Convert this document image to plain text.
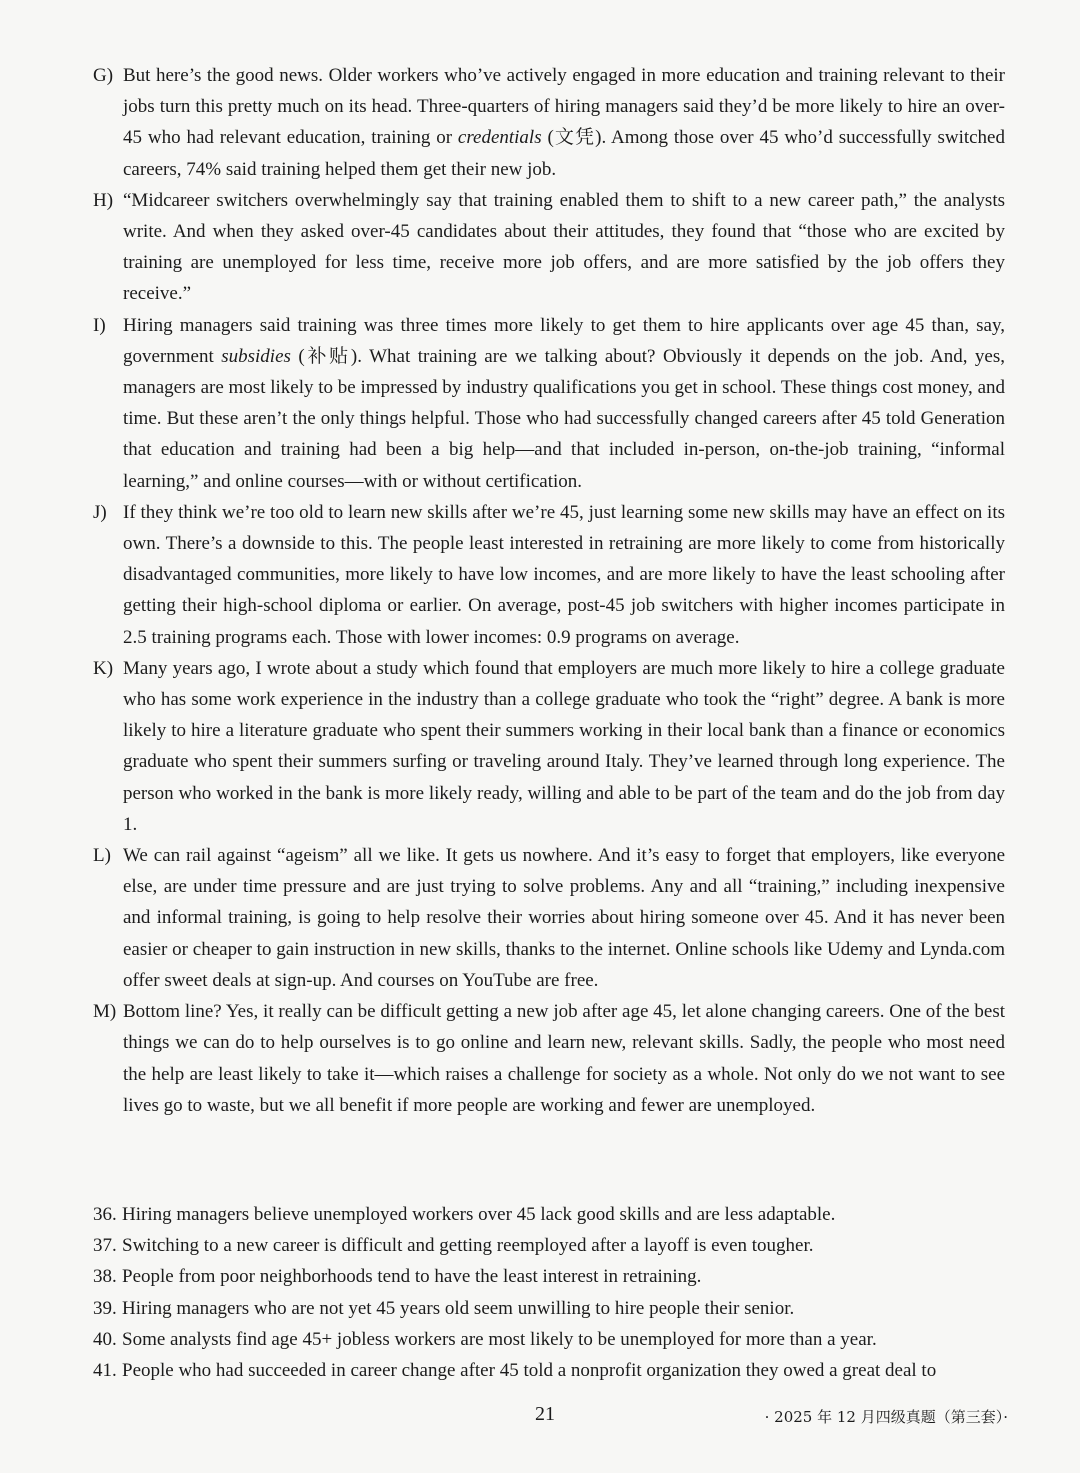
G) But here’s the good news. Older workers who’ve actively engaged in more education and training relevant to their jobs turn this pretty much on its head. Three-quarters of hiring managers said they’d be more likely to hire an over-45 who had relevant education, training or credentials (文凭). Among those over 45 who’d successfully switched careers, 74% said training helped them get their new job.
H) “Midcareer switchers overwhelmingly say that training enabled them to shift to a new career path,” the analysts write. And when they asked over-45 candidates about their attitudes, they found that “those who are excited by training are unemployed for less time, receive more job offers, and are more satisfied by the job offers they receive.”
I) Hiring managers said training was three times more likely to get them to hire applicants over age 45 than, say, government subsidies (补贴). What training are we talking about? Obviously it depends on the job. And, yes, managers are most likely to be impressed by industry qualifications you get in school. These things cost money, and time. But these aren’t the only things helpful. Those who had successfully changed careers after 45 told Generation that education and training had been a big help—and that included in-person, on-the-job training, “informal learning,” and online courses—with or without certification.
J) If they think we’re too old to learn new skills after we’re 45, just learning some new skills may have an effect on its own. There’s a downside to this. The people least interested in retraining are more likely to come from historically disadvantaged communities, more likely to have low incomes, and are more likely to have the least schooling after getting their high-school diploma or earlier. On average, post-45 job switchers with higher incomes participate in 2.5 training programs each. Those with lower incomes: 0.9 programs on average.
K) Many years ago, I wrote about a study which found that employers are much more likely to hire a college graduate who has some work experience in the industry than a college graduate who took the “right” degree. A bank is more likely to hire a literature graduate who spent their summers working in their local bank than a finance or economics graduate who spent their summers surfing or traveling around Italy. They’ve learned through long experience. The person who worked in the bank is more likely ready, willing and able to be part of the team and do the job from day 1.
L) We can rail against “ageism” all we like. It gets us nowhere. And it’s easy to forget that employers, like everyone else, are under time pressure and are just trying to solve problems. Any and all “training,” including inexpensive and informal training, is going to help resolve their worries about hiring someone over 45. And it has never been easier or cheaper to gain instruction in new skills, thanks to the internet. Online schools like Udemy and Lynda.com offer sweet deals at sign-up. And courses on YouTube are free.
M) Bottom line? Yes, it really can be difficult getting a new job after age 45, let alone changing careers. One of the best things we can do to help ourselves is to go online and learn new, relevant skills. Sadly, the people who most need the help are least likely to take it—which raises a challenge for society as a whole. Not only do we not want to see lives go to waste, but we all benefit if more people are working and fewer are unemployed.
36. Hiring managers believe unemployed workers over 45 lack good skills and are less adaptable.
37. Switching to a new career is difficult and getting reemployed after a layoff is even tougher.
38. People from poor neighborhoods tend to have the least interest in retraining.
39. Hiring managers who are not yet 45 years old seem unwilling to hire people their senior.
40. Some analysts find age 45+ jobless workers are most likely to be unemployed for more than a year.
41. People who had succeeded in career change after 45 told a nonprofit organization they owed a great deal to
21	· 2025 年 12 月四级真题（第三套）·
